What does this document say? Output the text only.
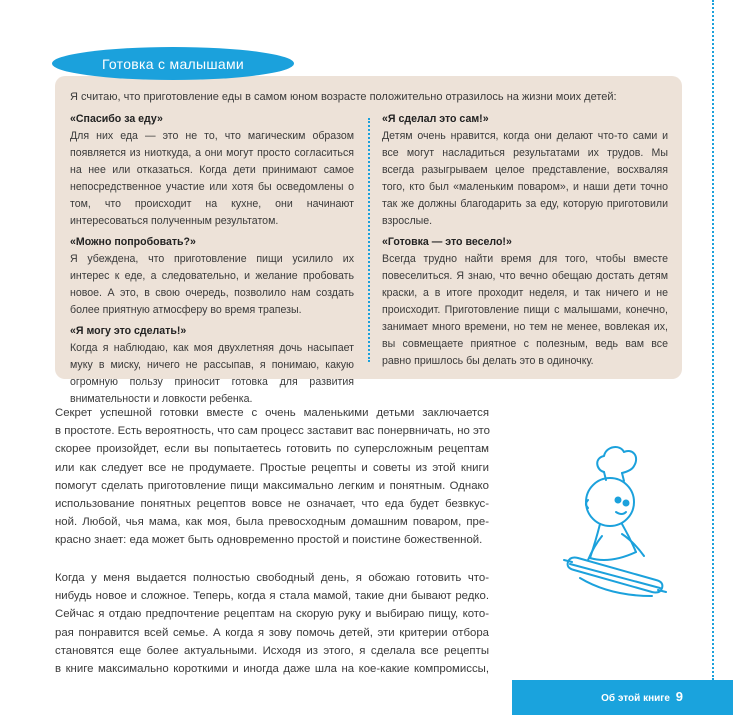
Готовка с малышами
Я считаю, что приготовление еды в самом юном возрасте положительно отразилось на жизни моих детей:
«Спасибо за еду»

Для них еда — это не то, что магическим образом появляется из ниоткуда, а они могут просто согласиться на нее или отказаться. Когда дети принимают самое непосредственное участие или хотя бы осведомлены о том, что происходит на кухне, они начинают интересоваться полученным результатом.

«Можно попробовать?»

Я убеждена, что приготовление пищи усилило их интерес к еде, а следовательно, и желание пробовать новое. А это, в свою очередь, позволило нам создать более приятную атмосферу во время трапезы.

«Я могу это сделать!»

Когда я наблюдаю, как моя двухлетняя дочь насыпает муку в миску, ничего не рассыпав, я понимаю, какую огромную пользу приносит готовка для развития внимательности и ловкости ребенка.

«Я сделал это сам!»

Детям очень нравится, когда они делают что-то сами и все могут насладиться результатами их трудов. Мы всегда разыгрываем целое представление, восхваляя того, кто был «маленьким поваром», и наши дети точно так же должны благодарить за еду, которую приготовили взрослые.

«Готовка — это весело!»

Всегда трудно найти время для того, чтобы вместе повеселиться. Я знаю, что вечно обещаю достать детям краски, а в итоге проходит неделя, и так ничего и не происходит. Приготовление пищи с малышами, конечно, занимает много времени, но тем не менее, вовлекая их, вы совмещаете приятное с полезным, ведь вам все равно пришлось бы делать это в одиночку.

Секрет успешной готовки вместе с очень маленькими детьми заключается
в простоте. Есть вероятность, что сам процесс заставит вас понервничать, но это
скорее произойдет, если вы попытаетесь готовить по суперсложным рецептам
или как следует все не продумаете. Простые рецепты и советы из этой книги
помогут сделать приготовление пищи максимально легким и понятным. Однако
использование понятных рецептов вовсе не означает, что еда будет безвкус-
ной. Любой, чья мама, как моя, была превосходным домашним поваром, пре-
красно знает: еда может быть одновременно простой и поистине божественной.
Когда у меня выдается полностью свободный день, я обожаю готовить что-
нибудь новое и сложное. Теперь, когда я стала мамой, такие дни бывают редко.
Сейчас я отдаю предпочтение рецептам на скорую руку и выбираю пищу, кото-
рая понравится всей семье. А когда я зову помочь детей, эти критерии отбора
становятся еще более актуальными. Исходя из этого, я сделала все рецепты
в книге максимально короткими и иногда даже шла на кое-какие компромиссы,
Об этой книге 9
